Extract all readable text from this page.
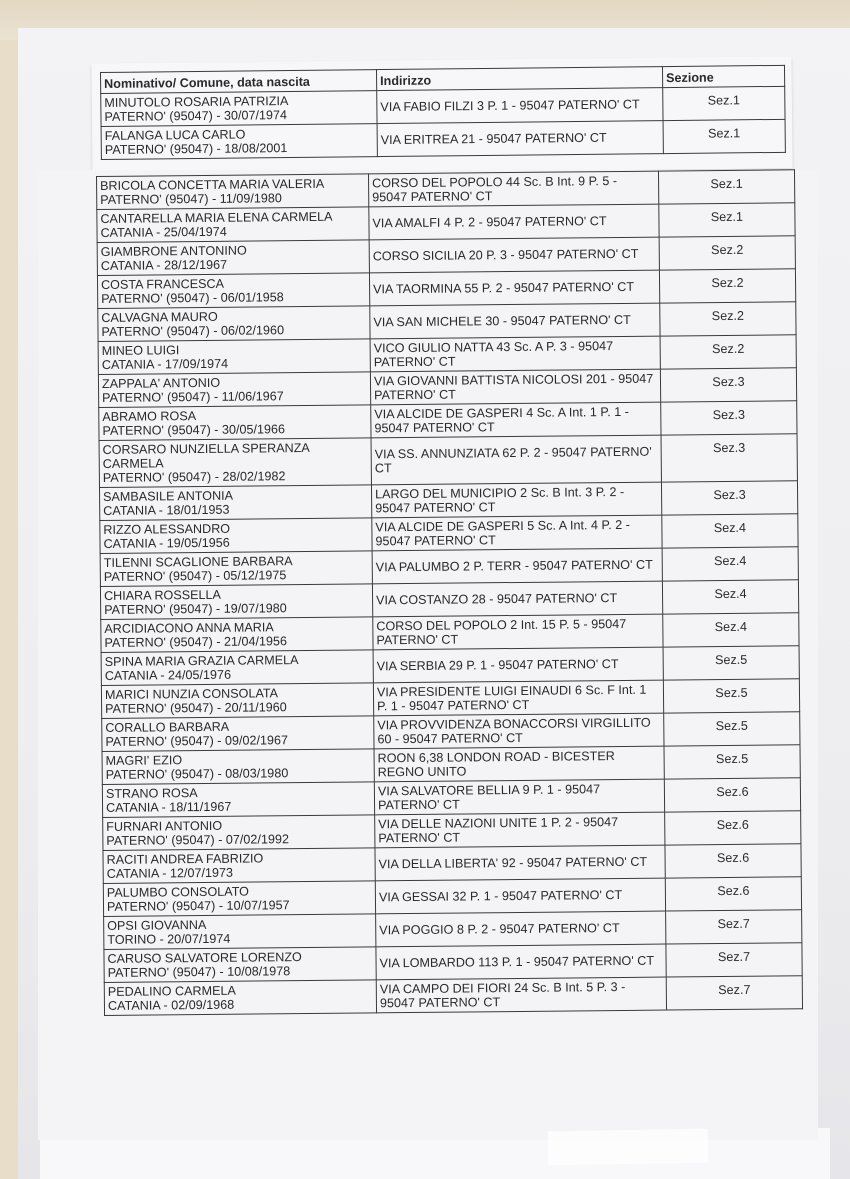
Nominativo/ Comune, data nascita	Indirizzo	Sezione

MINUTOLO ROSARIA PATRIZIA
PATERNO' (95047) - 30/07/1974	VIA FABIO FILZI 3 P. 1 - 95047 PATERNO' CT	Sez.1

FALANGA LUCA CARLO
PATERNO' (95047) - 18/08/2001	VIA ERITREA 21 - 95047 PATERNO' CT	Sez.1
BRICOLA CONCETTA MARIA VALERIA
PATERNO' (95047) - 11/09/1980	CORSO DEL POPOLO 44 Sc. B Int. 9 P. 5 - 95047 PATERNO' CT	Sez.1

CANTARELLA MARIA ELENA CARMELA
CATANIA - 25/04/1974	VIA AMALFI 4 P. 2 - 95047 PATERNO' CT	Sez.1

GIAMBRONE ANTONINO
CATANIA - 28/12/1967	CORSO SICILIA 20 P. 3 - 95047 PATERNO' CT	Sez.2

COSTA FRANCESCA
PATERNO' (95047) - 06/01/1958	VIA TAORMINA 55 P. 2 - 95047 PATERNO' CT	Sez.2

CALVAGNA MAURO
PATERNO' (95047) - 06/02/1960	VIA SAN MICHELE 30 - 95047 PATERNO' CT	Sez.2

MINEO LUIGI
CATANIA - 17/09/1974	VICO GIULIO NATTA 43 Sc. A P. 3 - 95047 PATERNO' CT	Sez.2

ZAPPALA' ANTONIO
PATERNO' (95047) - 11/06/1967	VIA GIOVANNI BATTISTA NICOLOSI 201 - 95047 PATERNO' CT	Sez.3

ABRAMO ROSA
PATERNO' (95047) - 30/05/1966	VIA ALCIDE DE GASPERI 4 Sc. A Int. 1 P. 1 - 95047 PATERNO' CT	Sez.3

CORSARO NUNZIELLA SPERANZA CARMELA
PATERNO' (95047) - 28/02/1982	VIA SS. ANNUNZIATA 62 P. 2 - 95047 PATERNO' CT	Sez.3

SAMBASILE ANTONIA
CATANIA - 18/01/1953	LARGO DEL MUNICIPIO 2 Sc. B Int. 3 P. 2 - 95047 PATERNO' CT	Sez.3

RIZZO ALESSANDRO
CATANIA - 19/05/1956	VIA ALCIDE DE GASPERI 5 Sc. A Int. 4 P. 2 - 95047 PATERNO' CT	Sez.4

TILENNI SCAGLIONE BARBARA
PATERNO' (95047) - 05/12/1975	VIA PALUMBO 2 P. TERR - 95047 PATERNO' CT	Sez.4

CHIARA ROSSELLA
PATERNO' (95047) - 19/07/1980	VIA COSTANZO 28 - 95047 PATERNO' CT	Sez.4

ARCIDIACONO ANNA MARIA
PATERNO' (95047) - 21/04/1956	CORSO DEL POPOLO 2 Int. 15 P. 5 - 95047 PATERNO' CT	Sez.4

SPINA MARIA GRAZIA CARMELA
CATANIA - 24/05/1976	VIA SERBIA 29 P. 1 - 95047 PATERNO' CT	Sez.5

MARICI NUNZIA CONSOLATA
PATERNO' (95047) - 20/11/1960	VIA PRESIDENTE LUIGI EINAUDI 6 Sc. F Int. 1 P. 1 - 95047 PATERNO' CT	Sez.5

CORALLO BARBARA
PATERNO' (95047) - 09/02/1967	VIA PROVVIDENZA BONACCORSI VIRGILLITO 60 - 95047 PATERNO' CT	Sez.5

MAGRI' EZIO
PATERNO' (95047) - 08/03/1980	ROON 6,38 LONDON ROAD - BICESTER REGNO UNITO	Sez.5

STRANO ROSA
CATANIA - 18/11/1967	VIA SALVATORE BELLIA 9 P. 1 - 95047 PATERNO' CT	Sez.6

FURNARI ANTONIO
PATERNO' (95047) - 07/02/1992	VIA DELLE NAZIONI UNITE 1 P. 2 - 95047 PATERNO' CT	Sez.6

RACITI ANDREA FABRIZIO
CATANIA - 12/07/1973	VIA DELLA LIBERTA' 92 - 95047 PATERNO' CT	Sez.6

PALUMBO CONSOLATO
PATERNO' (95047) - 10/07/1957	VIA GESSAI 32 P. 1 - 95047 PATERNO' CT	Sez.6

OPSI GIOVANNA
TORINO - 20/07/1974	VIA POGGIO 8 P. 2 - 95047 PATERNO' CT	Sez.7

CARUSO SALVATORE LORENZO
PATERNO' (95047) - 10/08/1978	VIA LOMBARDO 113 P. 1 - 95047 PATERNO' CT	Sez.7

PEDALINO CARMELA
CATANIA - 02/09/1968	VIA CAMPO DEI FIORI 24 Sc. B Int. 5 P. 3 - 95047 PATERNO' CT	Sez.7
